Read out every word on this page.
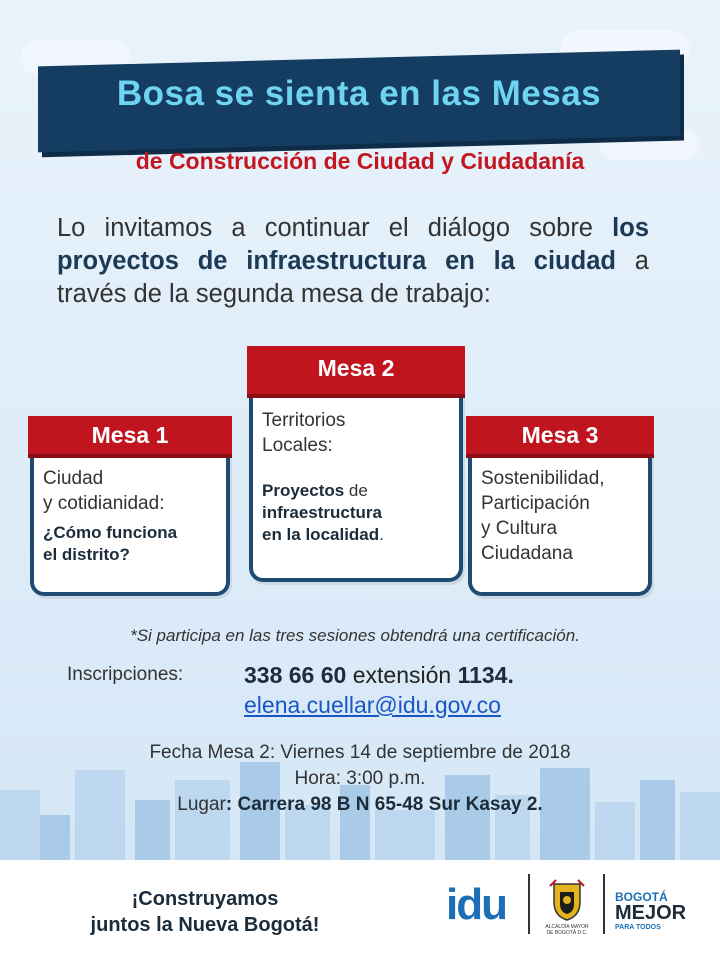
Bosa se sienta en las Mesas
de Construcción de Ciudad y Ciudadanía
Lo invitamos a continuar el diálogo sobre los proyectos de infraestructura en la ciudad a través de la segunda mesa de trabajo:
Mesa 1
Ciudad
y cotidianidad:
¿Cómo funciona
el distrito?
Mesa 2
Territorios
Locales:
Proyectos de
infraestructura
en la localidad.
Mesa 3
Sostenibilidad,
Participación
y Cultura
Ciudadana
*Si participa en las tres sesiones obtendrá una certificación.
Inscripciones:	338 66 60 extensión 1134.
elena.cuellar@idu.gov.co
Fecha Mesa 2: Viernes 14 de septiembre de 2018
Hora: 3:00 p.m.
Lugar: Carrera 98 B N 65-48 Sur Kasay 2.
¡Construyamos
juntos la Nueva Bogotá!	idu	ALCALDÍA MAYOR
DE BOGOTÁ D.C.
BOGOTÁ
MEJOR
PARA TODOS
